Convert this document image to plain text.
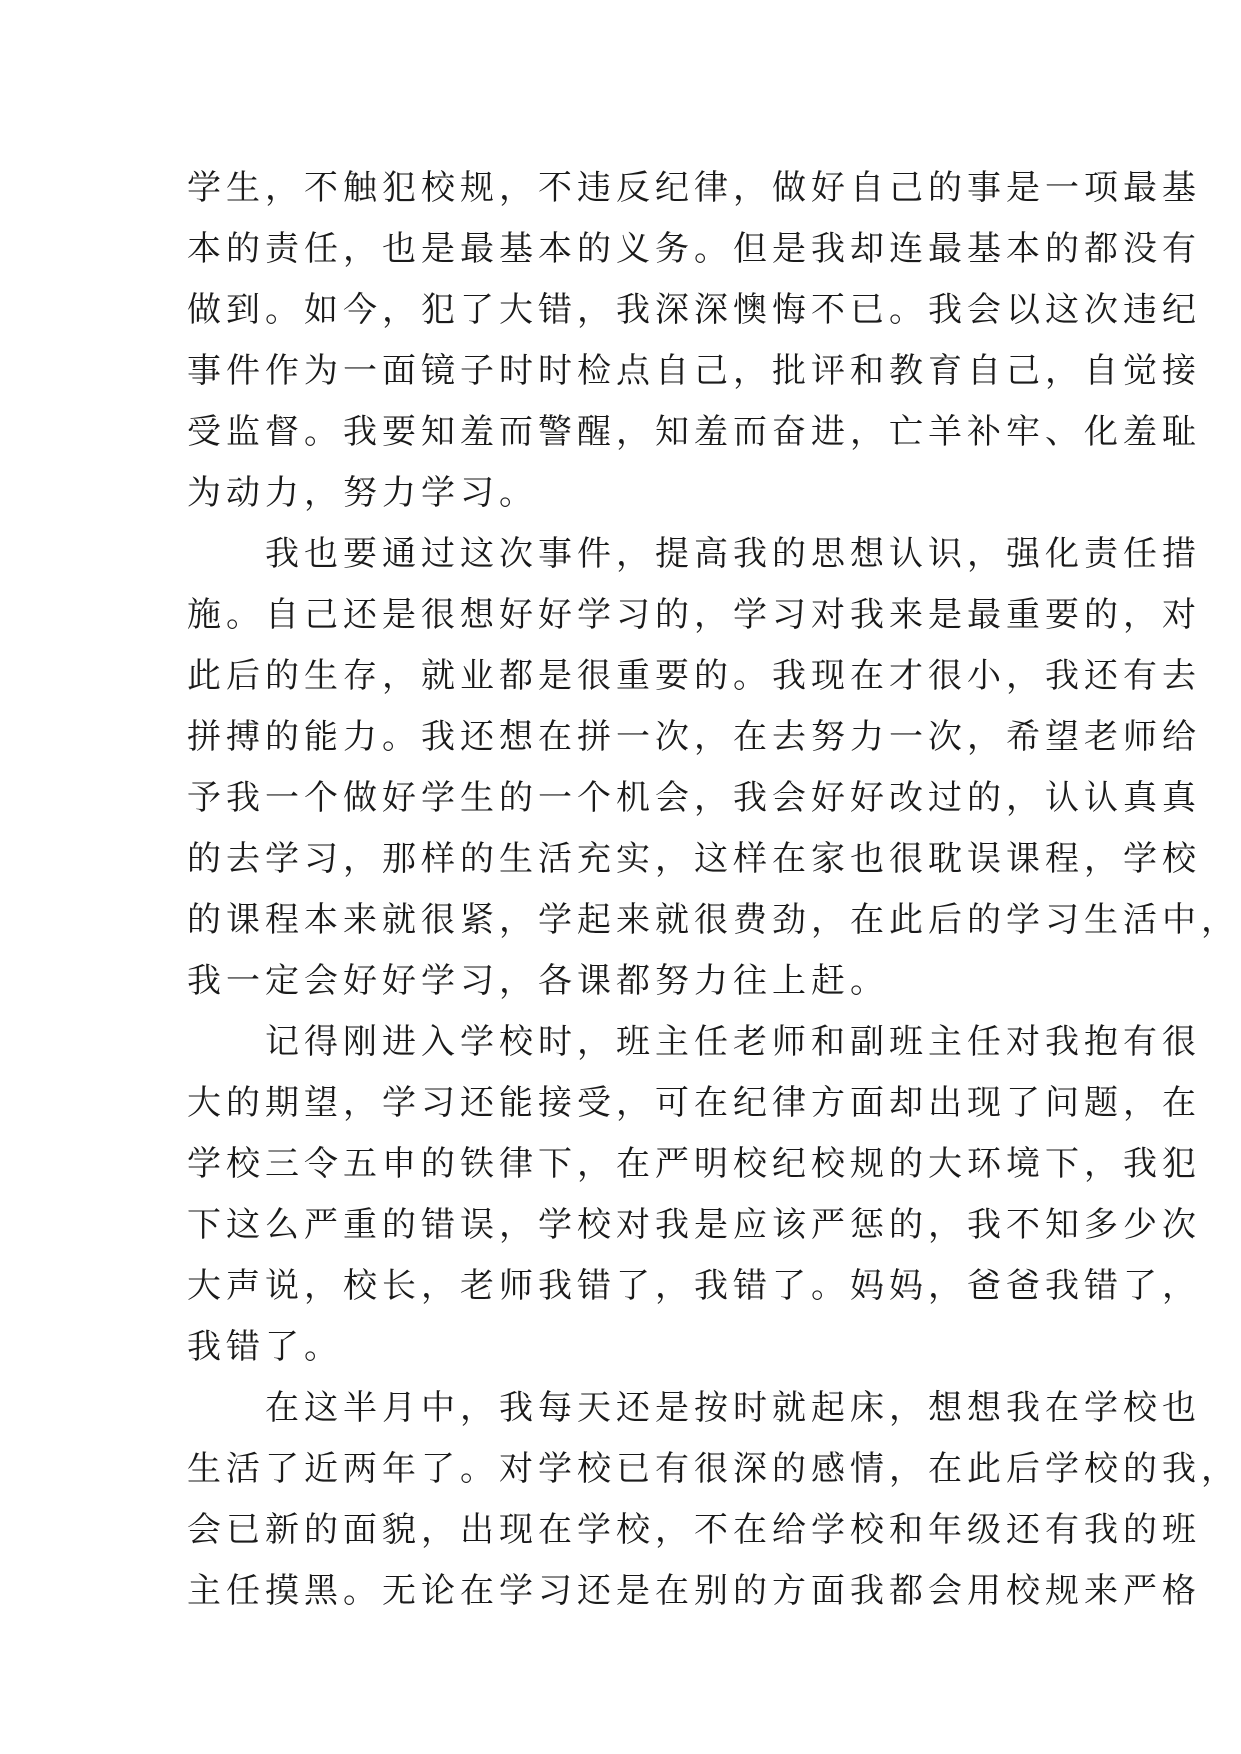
学生，不触犯校规，不违反纪律，做好自己的事是一项最基
本的责任，也是最基本的义务。但是我却连最基本的都没有
做到。如今，犯了大错，我深深懊悔不已。我会以这次违纪
事件作为一面镜子时时检点自己，批评和教育自己，自觉接
受监督。我要知羞而警醒，知羞而奋进，亡羊补牢、化羞耻
为动力，努力学习。
　　我也要通过这次事件，提高我的思想认识，强化责任措
施。自己还是很想好好学习的，学习对我来是最重要的，对
此后的生存，就业都是很重要的。我现在才很小，我还有去
拼搏的能力。我还想在拼一次，在去努力一次，希望老师给
予我一个做好学生的一个机会，我会好好改过的，认认真真
的去学习，那样的生活充实，这样在家也很耽误课程，学校
的课程本来就很紧，学起来就很费劲，在此后的学习生活中，
我一定会好好学习，各课都努力往上赶。
　　记得刚进入学校时，班主任老师和副班主任对我抱有很
大的期望，学习还能接受，可在纪律方面却出现了问题，在
学校三令五申的铁律下，在严明校纪校规的大环境下，我犯
下这么严重的错误，学校对我是应该严惩的，我不知多少次
大声说，校长，老师我错了，我错了。妈妈，爸爸我错了，
我错了。
　　在这半月中，我每天还是按时就起床，想想我在学校也
生活了近两年了。对学校已有很深的感情，在此后学校的我，
会已新的面貌，出现在学校，不在给学校和年级还有我的班
主任摸黑。无论在学习还是在别的方面我都会用校规来严格
